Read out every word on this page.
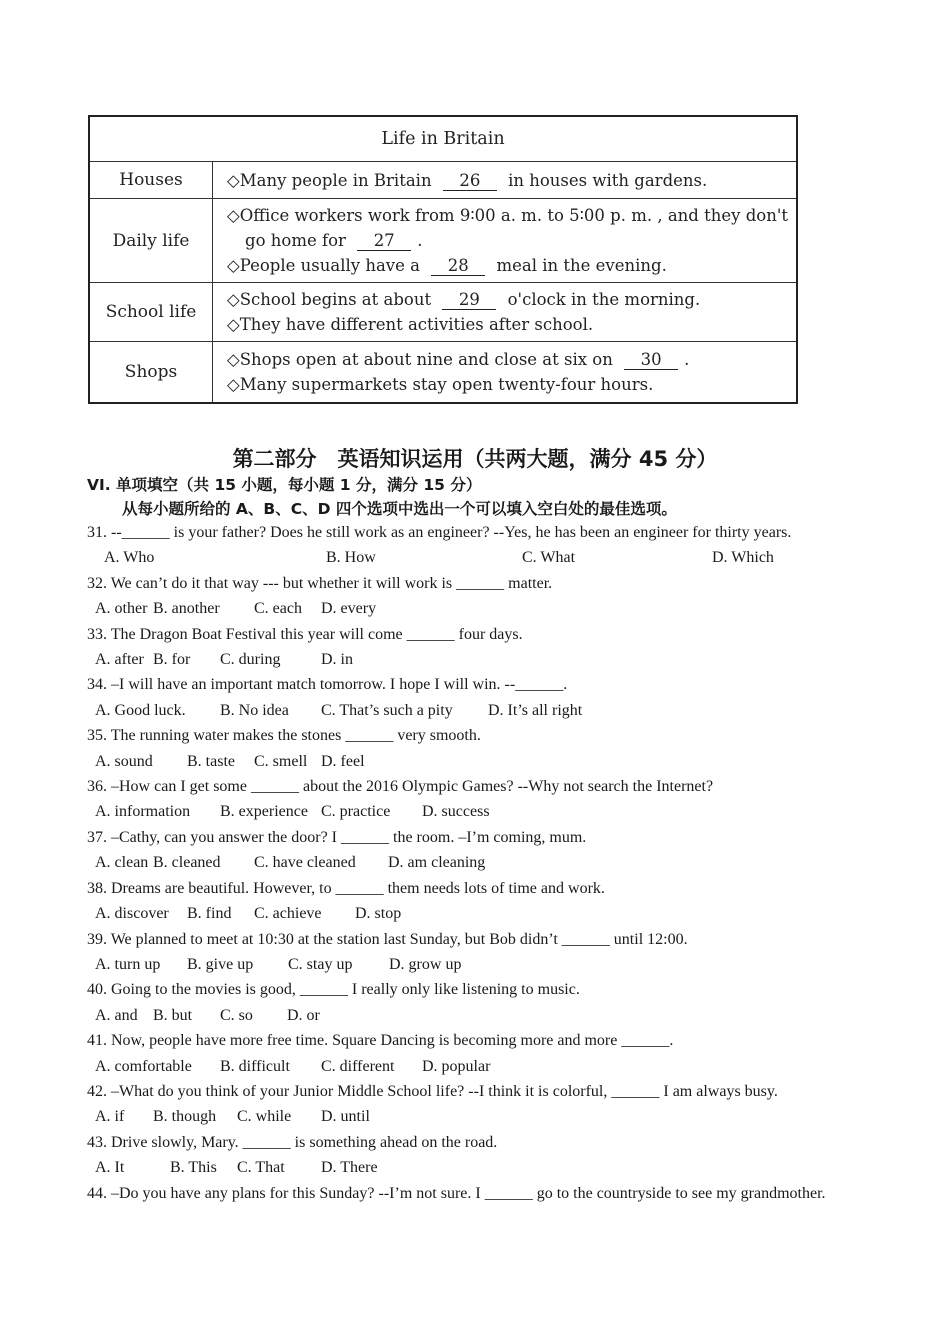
Life in Britain	
Houses	◇Many people in Britain 26 in houses with gardens.

Daily life	◇Office workers work from 9∶00 a. m. to 5∶00 p. m. , and they don't
go home for 27 .
◇People usually have a 28 meal in the evening.

School life	◇School begins at about 29 o'clock in the morning.
◇They have different activities after school.

Shops	◇Shops open at about nine and close at six on 30 .
◇Many supermarkets stay open twenty-four hours.
第二部分　英语知识运用（共两大题，满分 45 分）
VI. 单项填空（共 15 小题，每小题 1 分，满分 15 分）
从每小题所给的 A、B、C、D 四个选项中选出一个可以填入空白处的最佳选项。
31. --______ is your father? Does he still work as an engineer? --Yes, he has been an engineer for thirty years.
A. Who	B. How	C. What	D. Which
32. We can’t do it that way --- but whether it will work is ______ matter.
A. other B. another C. each D. every
33. The Dragon Boat Festival this year will come ______ four days.
A. after B. for C. during	D. in
34. –I will have an important match tomorrow. I hope I will win. --______.
A. Good luck. B. No idea C. That’s such a pity D. It’s all right
35. The running water makes the stones ______ very smooth.
A. sound B. taste C. smell D. feel
36. –How can I get some ______ about the 2016 Olympic Games? --Why not search the Internet?
A. information B. experience C. practice D. success
37. –Cathy, can you answer the door? I ______ the room. –I’m coming, mum.
A. clean B. cleaned C. have cleaned D. am cleaning
38. Dreams are beautiful. However, to ______ them needs lots of time and work.
A. discover B. find C. achieve D. stop
39. We planned to meet at 10:30 at the station last Sunday, but Bob didn’t ______ until 12:00.
A. turn up B. give up C. stay up D. grow up
40. Going to the movies is good, ______ I really only like listening to music.
A. and B. but C. so D. or
41. Now, people have more free time. Square Dancing is becoming more and more ______.
A. comfortable B. difficult C. different D. popular
42. –What do you think of your Junior Middle School life? --I think it is colorful, ______ I am always busy.
A. if B. though C. while D. until
43. Drive slowly, Mary. ______ is something ahead on the road.
A. It	B. This C. That D. There
44. –Do you have any plans for this Sunday? --I’m not sure. I ______ go to the countryside to see my grandmother.
